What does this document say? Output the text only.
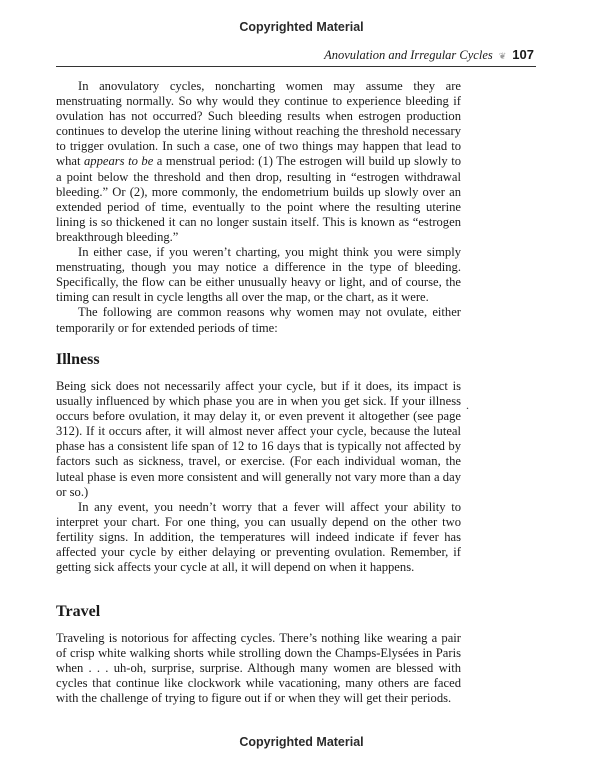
Copyrighted Material
Anovulation and Irregular Cycles ❦ 107

In anovulatory cycles, noncharting women may assume they are menstruating normally. So why would they continue to experience bleeding if ovulation has not occurred? Such bleeding results when estrogen production continues to develop the uterine lining without reaching the threshold necessary to trigger ovulation. In such a case, one of two things may happen that lead to what appears to be a menstrual period: (1) The estrogen will build up slowly to a point below the threshold and then drop, resulting in “estrogen withdrawal bleeding.” Or (2), more commonly, the endometrium builds up slowly over an extended period of time, eventually to the point where the resulting uterine lining is so thickened it can no longer sustain itself. This is known as “estrogen breakthrough bleeding.”

In either case, if you weren’t charting, you might think you were simply menstruating, though you may notice a difference in the type of bleeding. Specifically, the flow can be either unusually heavy or light, and of course, the timing can result in cycle lengths all over the map, or the chart, as it were.

The following are common reasons why women may not ovulate, either temporarily or for extended periods of time:

Illness

Being sick does not necessarily affect your cycle, but if it does, its impact is usually influenced by which phase you are in when you get sick. If your illness occurs before ovulation, it may delay it, or even prevent it altogether (see page 312). If it occurs after, it will almost never affect your cycle, because the luteal phase has a consistent life span of 12 to 16 days that is typically not affected by factors such as sickness, travel, or exercise. (For each individual woman, the luteal phase is even more consistent and will generally not vary more than a day or so.)

In any event, you needn’t worry that a fever will affect your ability to interpret your chart. For one thing, you can usually depend on the other two fertility signs. In addition, the temperatures will indeed indicate if fever has affected your cycle by either delaying or preventing ovulation. Remember, if getting sick affects your cycle at all, it will depend on when it happens.

.
Travel

Traveling is notorious for affecting cycles. There’s nothing like wearing a pair of crisp white walking shorts while strolling down the Champs-Elysées in Paris when . . . uh-oh, surprise, surprise. Although many women are blessed with cycles that continue like clockwork while vacationing, many others are faced with the challenge of trying to figure out if or when they will get their periods.

Copyrighted Material
